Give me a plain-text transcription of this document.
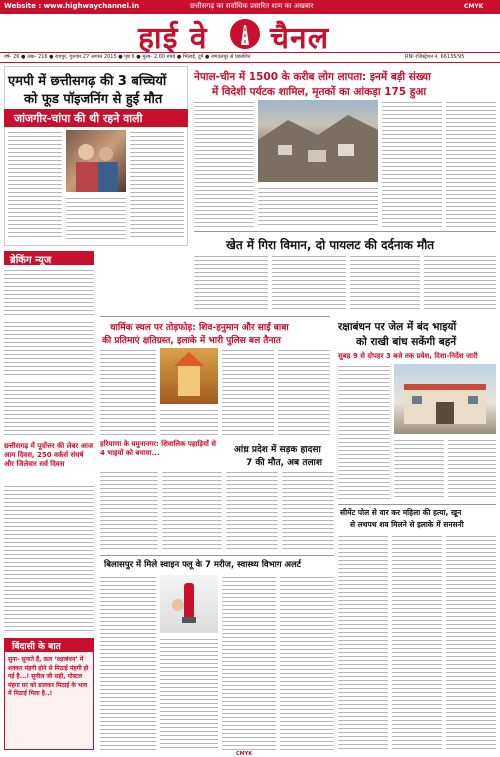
Website : www.highwaychannel.in	छत्तीसगढ़ का सर्वाधिक प्रसारित शाम का अखबार	CMYK
हाई वे चैनल
वर्ष- 26 ● अंक- 216 ● रायपुर, गुरुवार 27 अगस्त 2015 ● पृष्ठ 6 ● मूल्य- 2.00 रुपये ● भिलाई, दुर्ग ● जगदलपुर से प्रकाशित	RNI रजिस्ट्रेशन नं. 66135/95
एमपी में छत्तीसगढ़ की 3 बच्चियों
को फूड पॉइजनिंग से हुई मौत
जांजगीर-चांपा की थी रहने वाली
नेपाल-चीन में 1500 के करीब लोग लापता: इनमें बड़ी संख्या
में विदेशी पर्यटक शामिल, मृतकों का आंकड़ा 175 हुआ
खेत में गिरा विमान, दो पायलट की दर्दनाक मौत
ब्रेकिंग न्यूज
धार्मिक स्थल पर तोड़फोड़: शिव-हनुमान और साईं बाबा
की प्रतिमाएं क्षतिग्रस्त, इलाके में भारी पुलिस बल तैनात
रक्षाबंधन पर जेल में बंद भाइयों
को राखी बांध सकेंगी बहनें
सुबह 9 से दोपहर 3 बजे तक प्रवेश, दिशा-निर्देश जारी
छत्तीसगढ़ में पूर्वोत्तर की लेबर आज आम दिवस, 250 वर्कर्स संघर्ष और जिलेवार सर्व दिवस
हरियाणा के यमुनानगर: शिवालिक पहाड़ियों से 4 भाइयों को बचाया...	आंध्र प्रदेश में सड़क हादसा
7 की मौत, अब तलाश
बिलासपुर में मिले स्वाइन फ्लू के 7 मरीज, स्वास्थ्य विभाग अलर्ट
सीमेंट पोल से वार कर महिला की हत्या, खून
से लथपथ शव मिलने से इलाके में सनसनी
बिंदासी के बात
सुना- सुनाते हैं, कल ‘रक्षाबंधन’ में शक्कर मंहगी होने से मिठाई मंहगी हो गई है...! सुनील जी सही, पोस्टल मंहगा घर को डालकर मिठाई के भाव में मिठाई मिला है..!
CMYK
